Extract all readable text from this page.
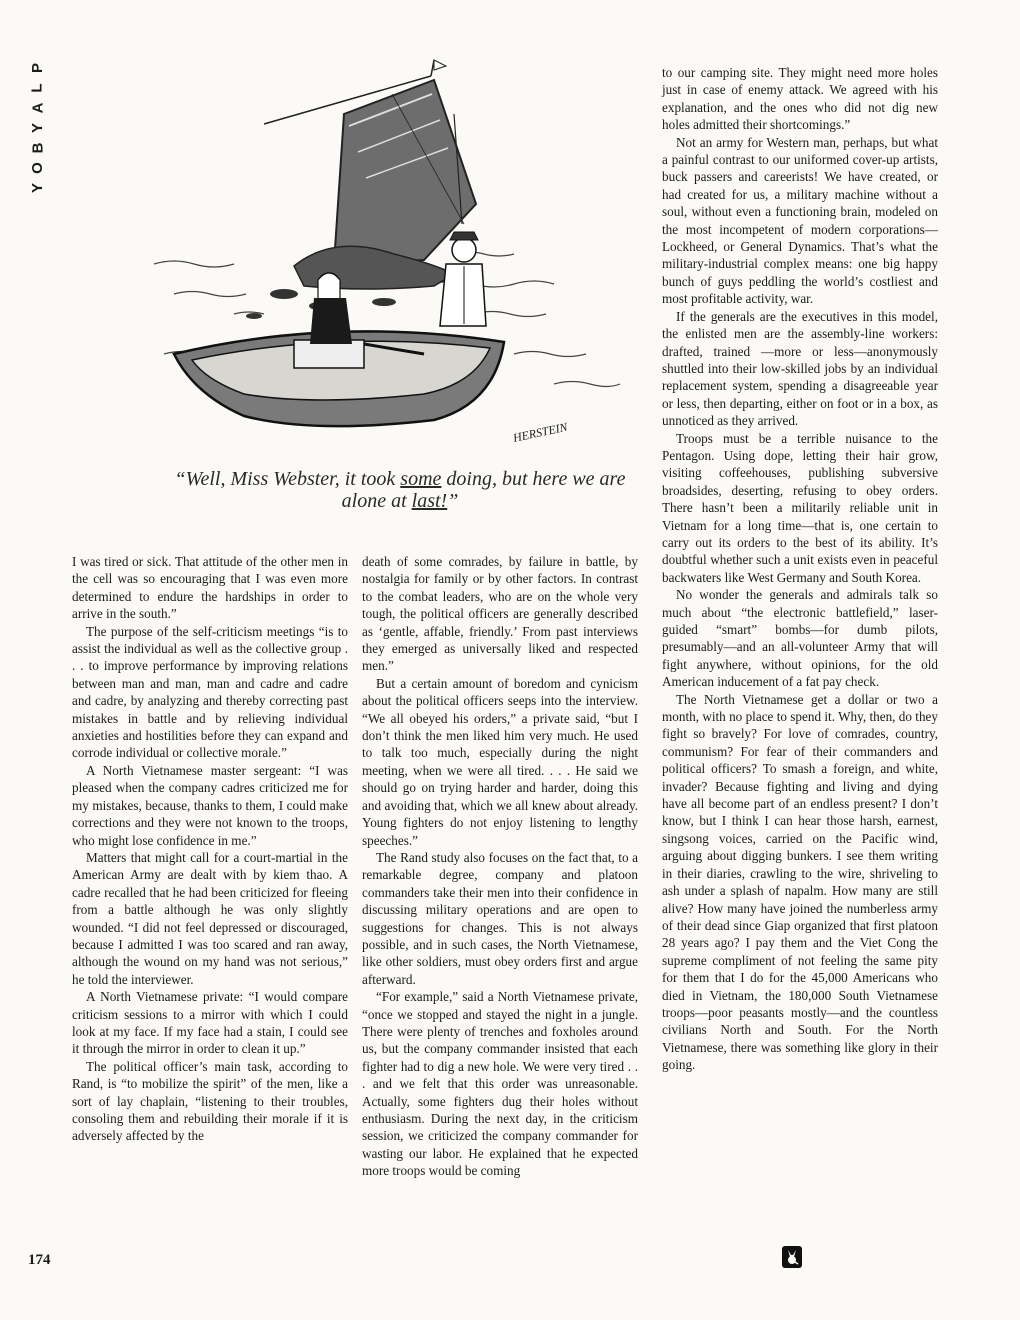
P
L
A
Y
B
O
Y
HERSTEIN
“Well, Miss Webster, it took some doing, but here we are alone at last!”

I was tired or sick. That attitude of the other men in the cell was so encouraging that I was even more determined to endure the hardships in order to arrive in the south.”

The purpose of the self-criticism meetings “is to assist the individual as well as the collective group . . . to improve performance by improving relations between man and man, man and cadre and cadre and cadre, by analyzing and thereby correcting past mistakes in battle and by relieving individual anxieties and hostilities before they can expand and corrode individual or collective morale.”

A North Vietnamese master sergeant: “I was pleased when the company cadres criticized me for my mistakes, because, thanks to them, I could make corrections and they were not known to the troops, who might lose confidence in me.”

Matters that might call for a court-martial in the American Army are dealt with by kiem thao. A cadre recalled that he had been criticized for fleeing from a battle although he was only slightly wounded. “I did not feel depressed or discouraged, because I admitted I was too scared and ran away, although the wound on my hand was not serious,” he told the interviewer.

A North Vietnamese private: “I would compare criticism sessions to a mirror with which I could look at my face. If my face had a stain, I could see it through the mirror in order to clean it up.”

The political officer’s main task, according to Rand, is “to mobilize the spirit” of the men, like a sort of lay chaplain, “listening to their troubles, consoling them and rebuilding their morale if it is adversely affected by the

death of some comrades, by failure in battle, by nostalgia for family or by other factors. In contrast to the combat leaders, who are on the whole very tough, the political officers are generally described as ‘gentle, affable, friendly.’ From past interviews they emerged as universally liked and respected men.”

But a certain amount of boredom and cynicism about the political officers seeps into the interview. “We all obeyed his orders,” a private said, “but I don’t think the men liked him very much. He used to talk too much, especially during the night meeting, when we were all tired. . . . He said we should go on trying harder and harder, doing this and avoiding that, which we all knew about already. Young fighters do not enjoy listening to lengthy speeches.”

The Rand study also focuses on the fact that, to a remarkable degree, company and platoon commanders take their men into their confidence in discussing military operations and are open to suggestions for changes. This is not always possible, and in such cases, the North Vietnamese, like other soldiers, must obey orders first and argue afterward.

“For example,” said a North Vietnamese private, “once we stopped and stayed the night in a jungle. There were plenty of trenches and foxholes around us, but the company commander insisted that each fighter had to dig a new hole. We were very tired . . . and we felt that this order was unreasonable. Actually, some fighters dug their holes without enthusiasm. During the next day, in the criticism session, we criticized the company commander for wasting our labor. He explained that he expected more troops would be coming

to our camping site. They might need more holes just in case of enemy attack. We agreed with his explanation, and the ones who did not dig new holes admitted their shortcomings.”

Not an army for Western man, perhaps, but what a painful contrast to our uniformed cover-up artists, buck passers and careerists! We have created, or had created for us, a military machine without a soul, without even a functioning brain, modeled on the most incompetent of modern corporations—Lockheed, or General Dynamics. That’s what the military-industrial complex means: one big happy bunch of guys peddling the world’s costliest and most profitable activity, war.

If the generals are the executives in this model, the enlisted men are the assembly-line workers: drafted, trained —more or less—anonymously shuttled into their low-skilled jobs by an individual replacement system, spending a disagreeable year or less, then departing, either on foot or in a box, as unnoticed as they arrived.

Troops must be a terrible nuisance to the Pentagon. Using dope, letting their hair grow, visiting coffeehouses, publishing subversive broadsides, deserting, refusing to obey orders. There hasn’t been a militarily reliable unit in Vietnam for a long time—that is, one certain to carry out its orders to the best of its ability. It’s doubtful whether such a unit exists even in peaceful backwaters like West Germany and South Korea.

No wonder the generals and admirals talk so much about “the electronic battlefield,” laser-guided “smart” bombs—for dumb pilots, presumably—and an all-volunteer Army that will fight anywhere, without opinions, for the old American inducement of a fat pay check.

The North Vietnamese get a dollar or two a month, with no place to spend it. Why, then, do they fight so bravely? For love of comrades, country, communism? For fear of their commanders and political officers? To smash a foreign, and white, invader? Because fighting and living and dying have all become part of an endless present? I don’t know, but I think I can hear those harsh, earnest, singsong voices, carried on the Pacific wind, arguing about digging bunkers. I see them writing in their diaries, crawling to the wire, shriveling to ash under a splash of napalm. How many are still alive? How many have joined the numberless army of their dead since Giap organized that first platoon 28 years ago? I pay them and the Viet Cong the supreme compliment of not feeling the same pity for them that I do for the 45,000 Americans who died in Vietnam, the 180,000 South Vietnamese troops—poor peasants mostly—and the countless civilians North and South. For the North Vietnamese, there was something like glory in their going.

174
